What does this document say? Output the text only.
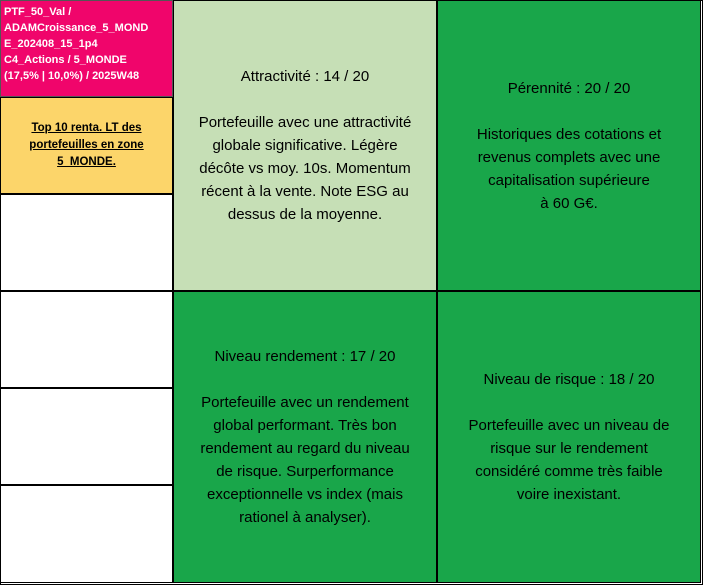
PTF_50_Val /
ADAMCroissance_5_MOND
E_202408_15_1p4
C4_Actions / 5_MONDE
(17,5% | 10,0%) / 2025W48
Top 10 renta. LT des portefeuilles en zone 5_MONDE.
Attractivité : 14 / 20
Portefeuille avec une attractivité
globale significative. Légère
décôte vs moy. 10s. Momentum
récent à la vente. Note ESG au
dessus de la moyenne.
Pérennité : 20 / 20
Historiques des cotations et
revenus complets avec une
capitalisation supérieure
à 60 G€.
Niveau rendement : 17 / 20
Portefeuille avec un rendement
global performant. Très bon
rendement au regard du niveau
de risque. Surperformance
exceptionnelle vs index (mais
rationel à analyser).
Niveau de risque : 18 / 20
Portefeuille avec un niveau de
risque sur le rendement
considéré comme très faible
voire inexistant.
